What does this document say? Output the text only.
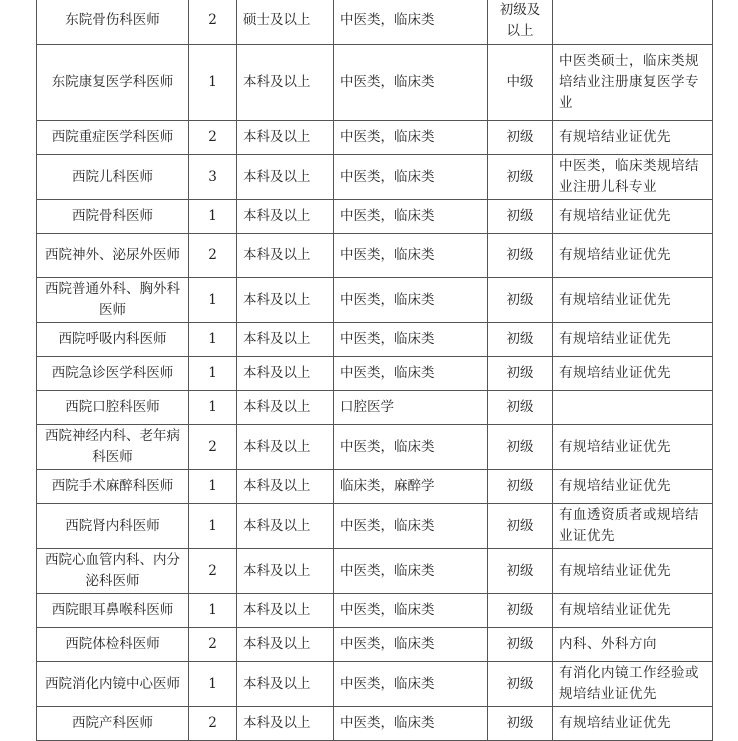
东院骨伤科医师	2	硕士及以上	中医类，临床类	初级及以上	
东院康复医学科医师	1	本科及以上	中医类，临床类	中级	中医类硕士，临床类规培结业注册康复医学专业
西院重症医学科医师	2	本科及以上	中医类，临床类	初级	有规培结业证优先
西院儿科医师	3	本科及以上	中医类，临床类	初级	中医类，临床类规培结业注册儿科专业
西院骨科医师	1	本科及以上	中医类，临床类	初级	有规培结业证优先
西院神外、泌尿外医师	2	本科及以上	中医类，临床类	初级	有规培结业证优先
西院普通外科、胸外科医师	1	本科及以上	中医类，临床类	初级	有规培结业证优先
西院呼吸内科医师	1	本科及以上	中医类，临床类	初级	有规培结业证优先
西院急诊医学科医师	1	本科及以上	中医类，临床类	初级	有规培结业证优先
西院口腔科医师	1	本科及以上	口腔医学	初级	
西院神经内科、老年病科医师	2	本科及以上	中医类，临床类	初级	有规培结业证优先
西院手术麻醉科医师	1	本科及以上	临床类，麻醉学	初级	有规培结业证优先
西院肾内科医师	1	本科及以上	中医类，临床类	初级	有血透资质者或规培结业证优先
西院心血管内科、内分泌科医师	2	本科及以上	中医类，临床类	初级	有规培结业证优先
西院眼耳鼻喉科医师	1	本科及以上	中医类，临床类	初级	有规培结业证优先
西院体检科医师	2	本科及以上	中医类，临床类	初级	内科、外科方向
西院消化内镜中心医师	1	本科及以上	中医类，临床类	初级	有消化内镜工作经验或规培结业证优先
西院产科医师	2	本科及以上	中医类，临床类	初级	有规培结业证优先
